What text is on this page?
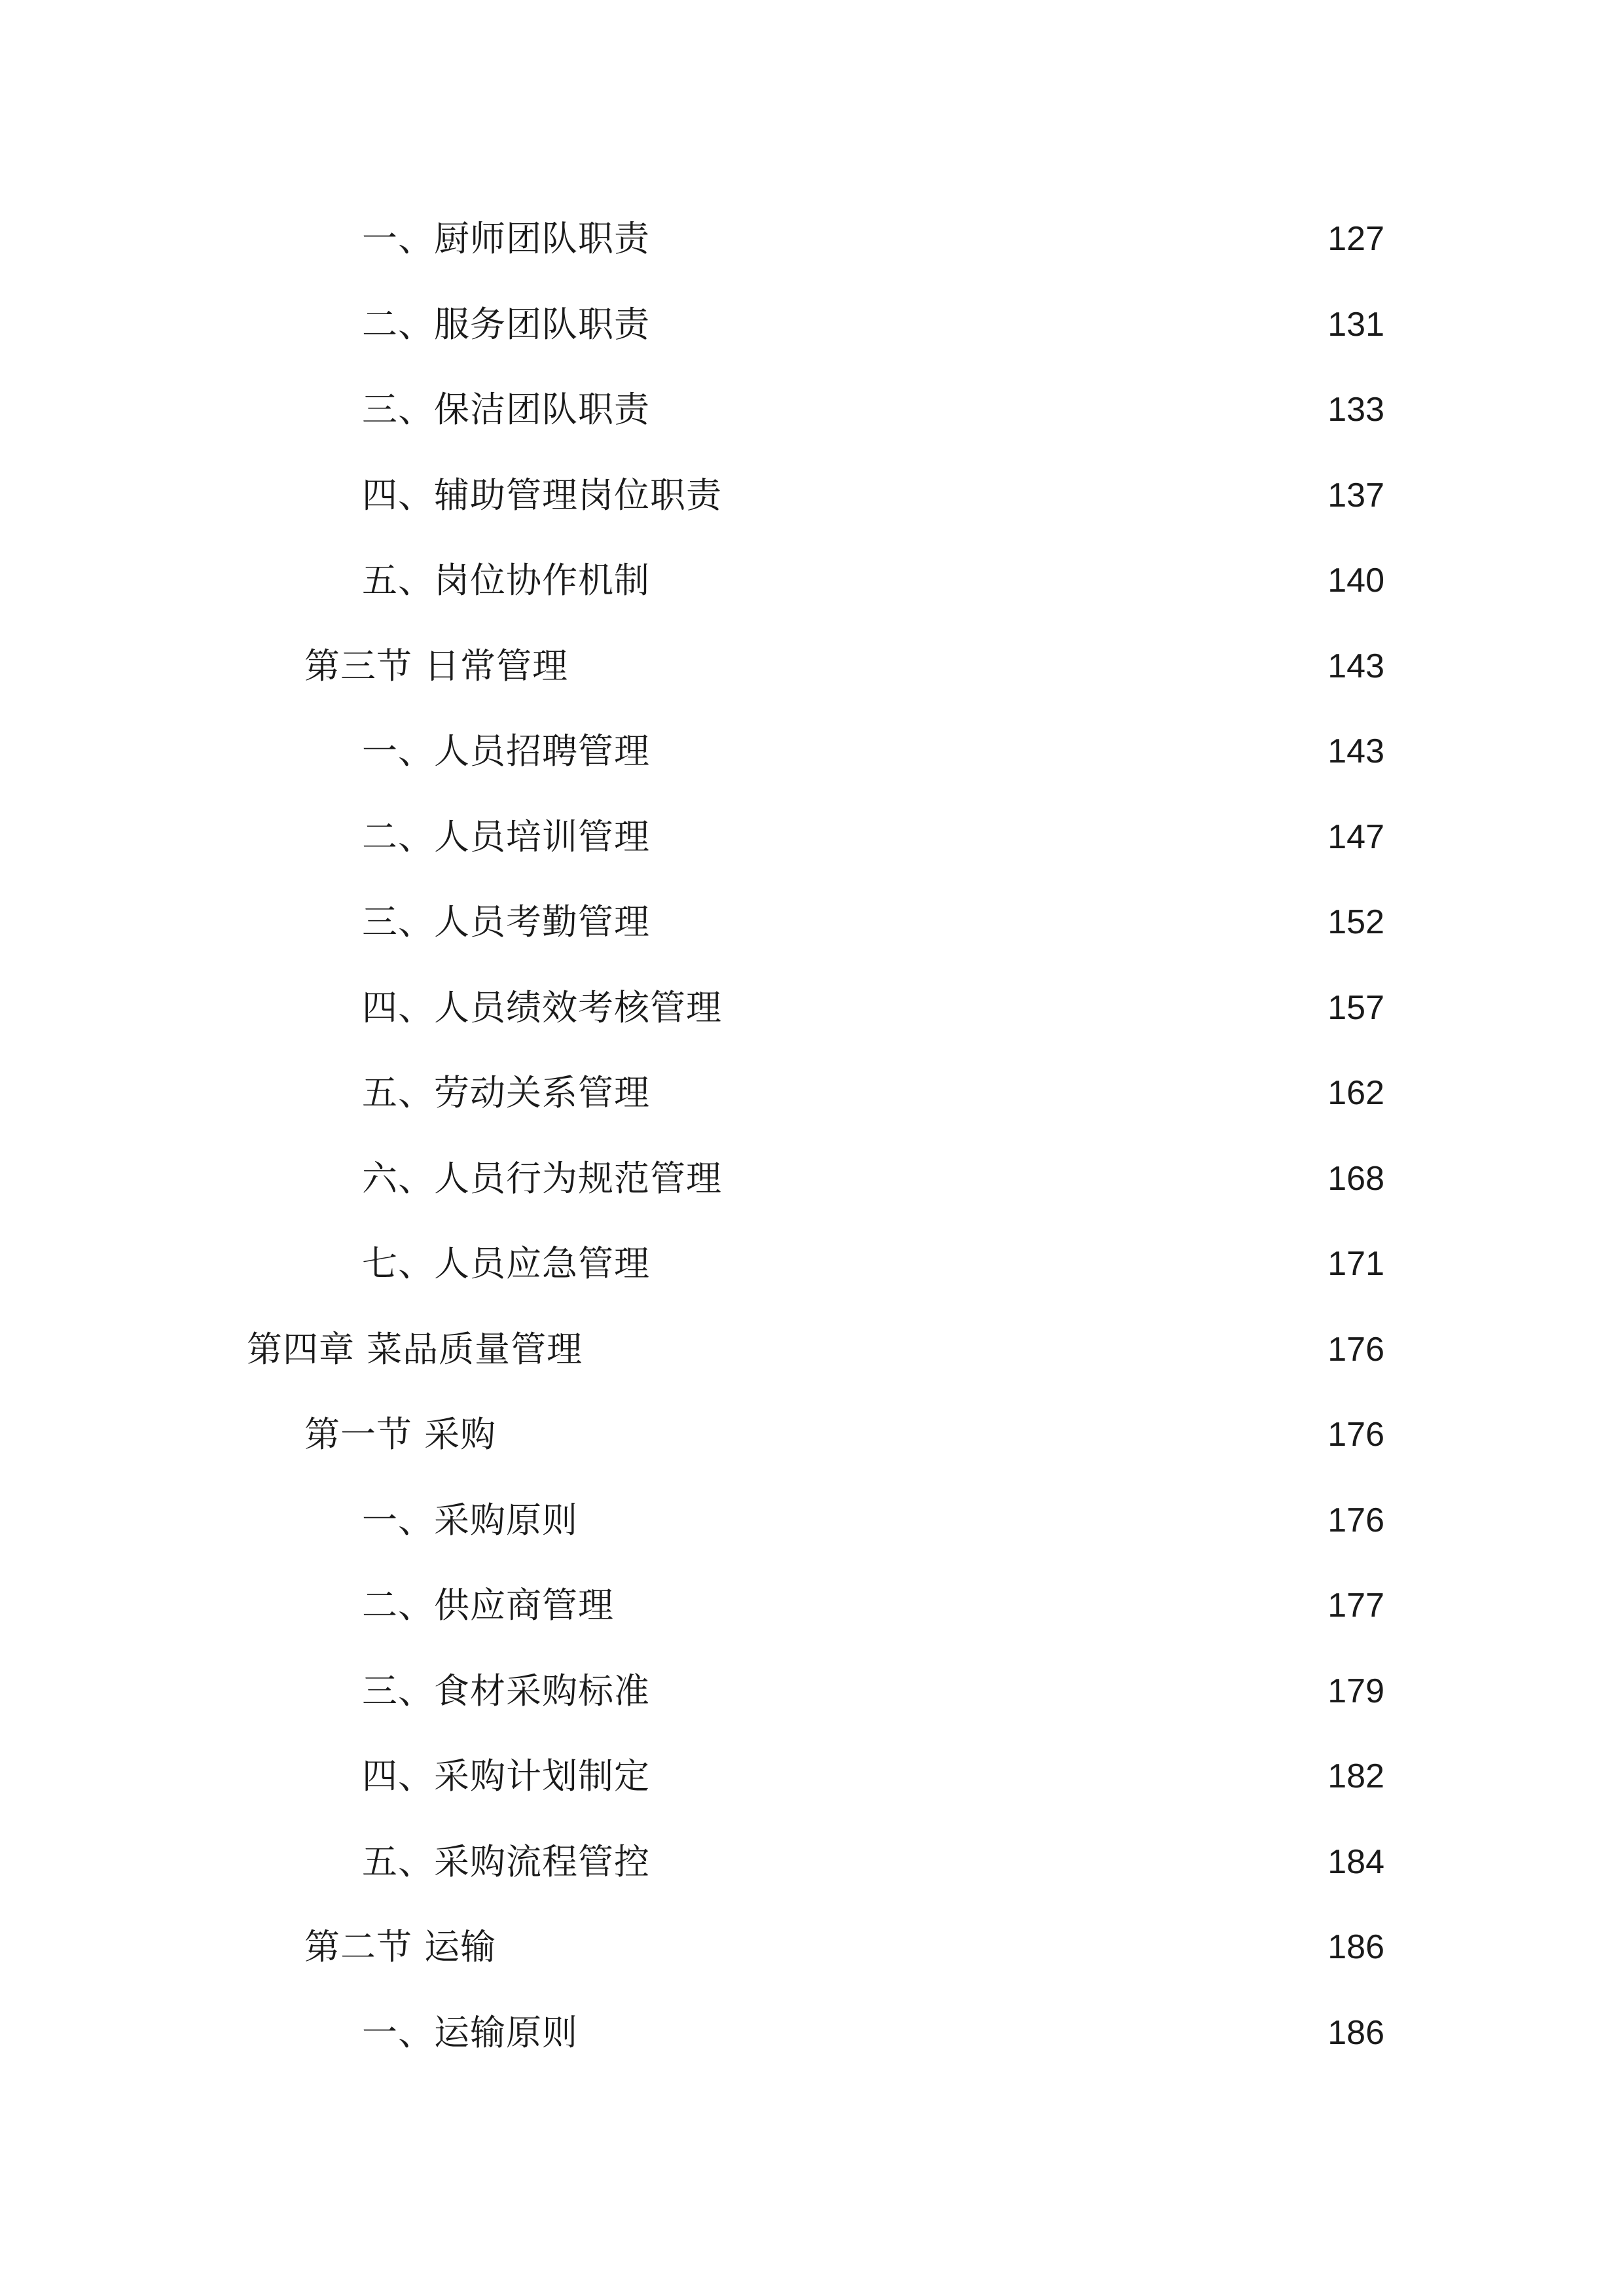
一、厨师团队职责	127
二、服务团队职责	131
三、保洁团队职责	133
四、辅助管理岗位职责	137
五、岗位协作机制	140
第三节 日常管理	143
一、人员招聘管理	143
二、人员培训管理	147
三、人员考勤管理	152
四、人员绩效考核管理	157
五、劳动关系管理	162
六、人员行为规范管理	168
七、人员应急管理	171
第四章 菜品质量管理	176
第一节 采购	176
一、采购原则	176
二、供应商管理	177
三、食材采购标准	179
四、采购计划制定	182
五、采购流程管控	184
第二节 运输	186
一、运输原则	186
